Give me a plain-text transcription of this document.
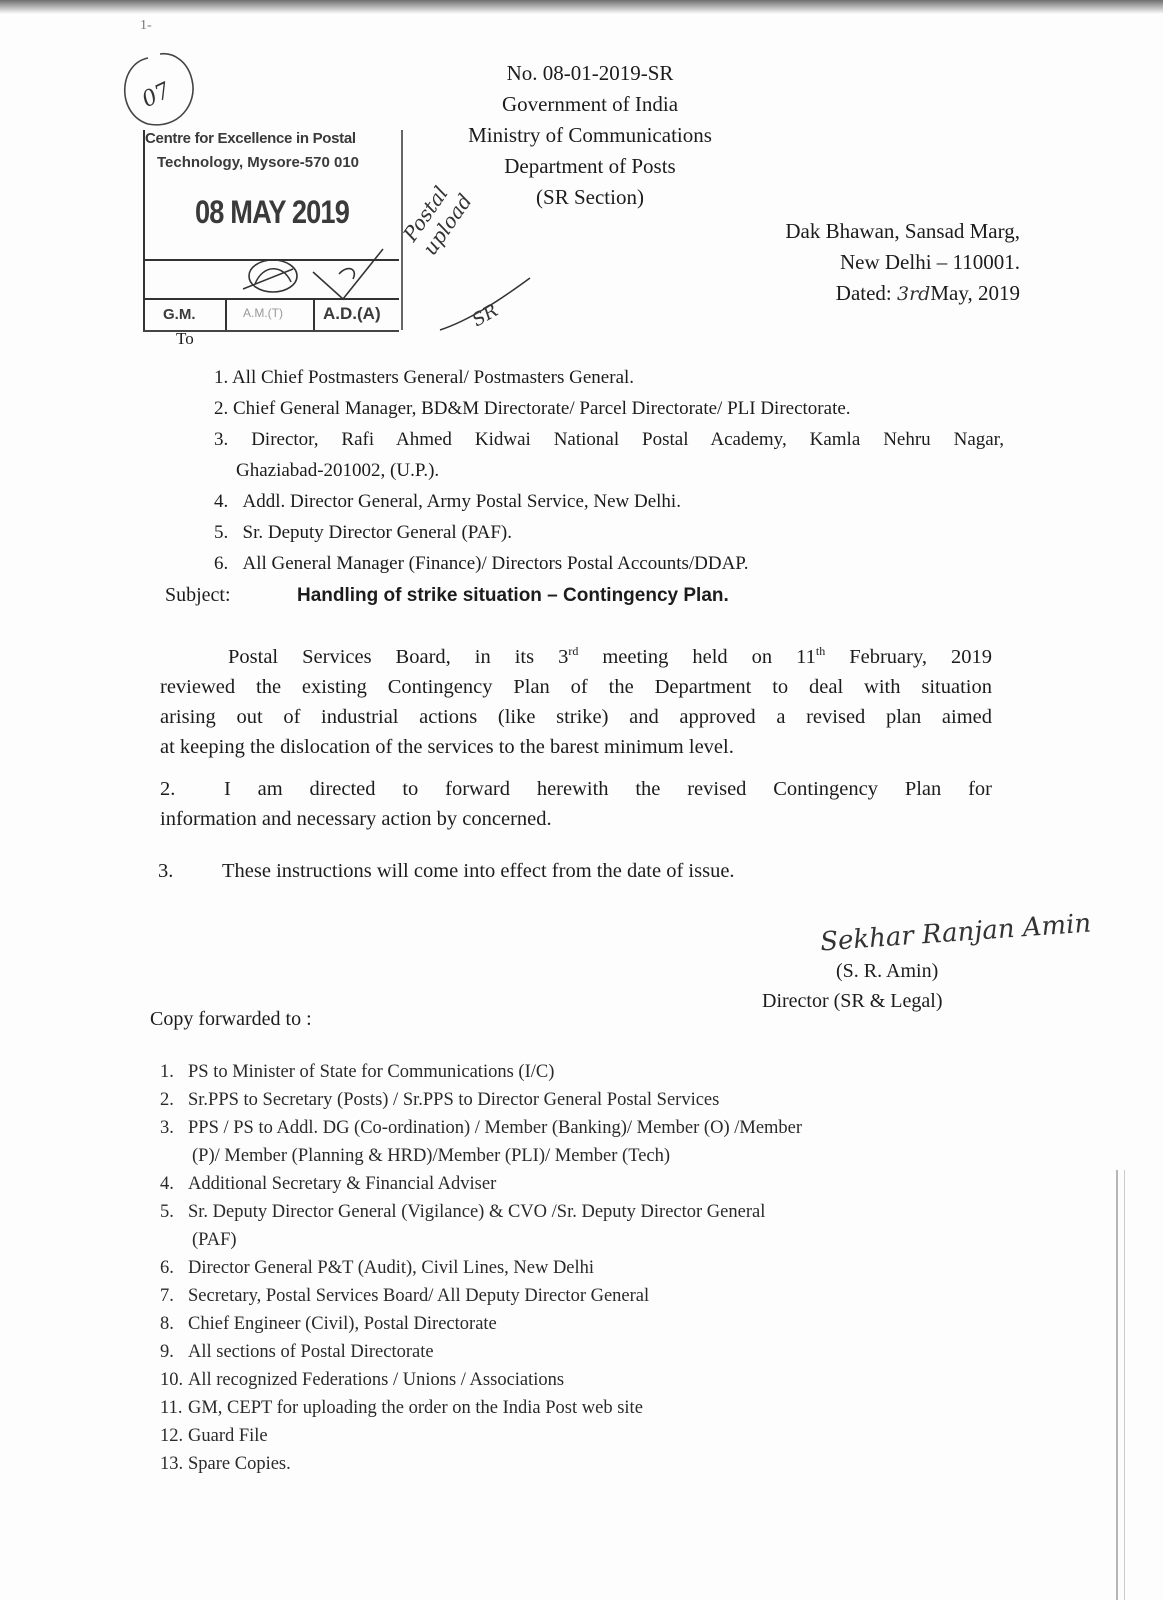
07
1-
No. 08-01-2019-SR
Government of India
Ministry of Communications
Department of Posts
(SR Section)
Centre for Excellence in Postal
Technology, Mysore-570 010
08 MAY 2019
G.M.	A.M.(T) A.D.(A)
Postal upload
SR
Dak Bhawan, Sansad Marg,
New Delhi – 110001.
Dated: 3rdMay, 2019
To
1. All Chief Postmasters General/ Postmasters General.
2. Chief General Manager, BD&M Directorate/ Parcel Directorate/ PLI Directorate.
3. Director, Rafi Ahmed Kidwai National Postal Academy, Kamla Nehru Nagar,
Ghaziabad-201002, (U.P.).
4. Addl. Director General, Army Postal Service, New Delhi.
5. Sr. Deputy Director General (PAF).
6. All General Manager (Finance)/ Directors Postal Accounts/DDAP.
Subject:	Handling of strike situation – Contingency Plan.
Postal Services Board, in its 3rd meeting held on 11th February, 2019
reviewed the existing Contingency Plan of the Department to deal with situation
arising out of industrial actions (like strike) and approved a revised plan aimed
at keeping the dislocation of the services to the barest minimum level.
2.	I am directed to forward herewith the revised Contingency Plan for
information and necessary action by concerned.
3. These instructions will come into effect from the date of issue.
Sekhar Ranjan Amin
(S. R. Amin)
Director (SR & Legal)
Copy forwarded to :
1. PS to Minister of State for Communications (I/C)
2. Sr.PPS to Secretary (Posts) / Sr.PPS to Director General Postal Services
3. PPS / PS to Addl. DG (Co-ordination) / Member (Banking)/ Member (O) /Member
(P)/ Member (Planning & HRD)/Member (PLI)/ Member (Tech)
4. Additional Secretary & Financial Adviser
5. Sr. Deputy Director General (Vigilance) & CVO /Sr. Deputy Director General
(PAF)
6. Director General P&T (Audit), Civil Lines, New Delhi
7. Secretary, Postal Services Board/ All Deputy Director General
8. Chief Engineer (Civil), Postal Directorate
9. All sections of Postal Directorate
10. All recognized Federations / Unions / Associations
11. GM, CEPT for uploading the order on the India Post web site
12. Guard File
13. Spare Copies.
